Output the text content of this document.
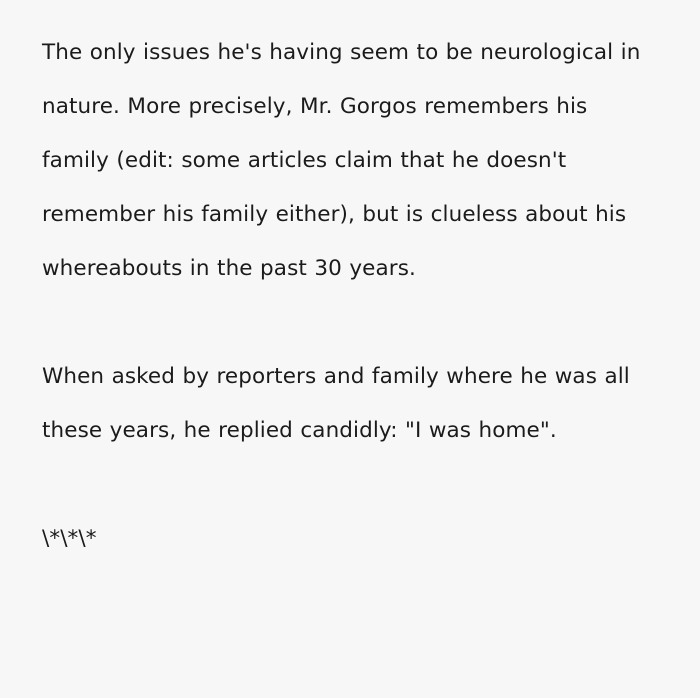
The only issues he's having seem to be neurological in nature. More precisely, Mr. Gorgos remembers his family (edit: some articles claim that he doesn't remember his family either), but is clueless about his whereabouts in the past 30 years.

When asked by reporters and family where he was all these years, he replied candidly: "I was home".

\*\*\*
